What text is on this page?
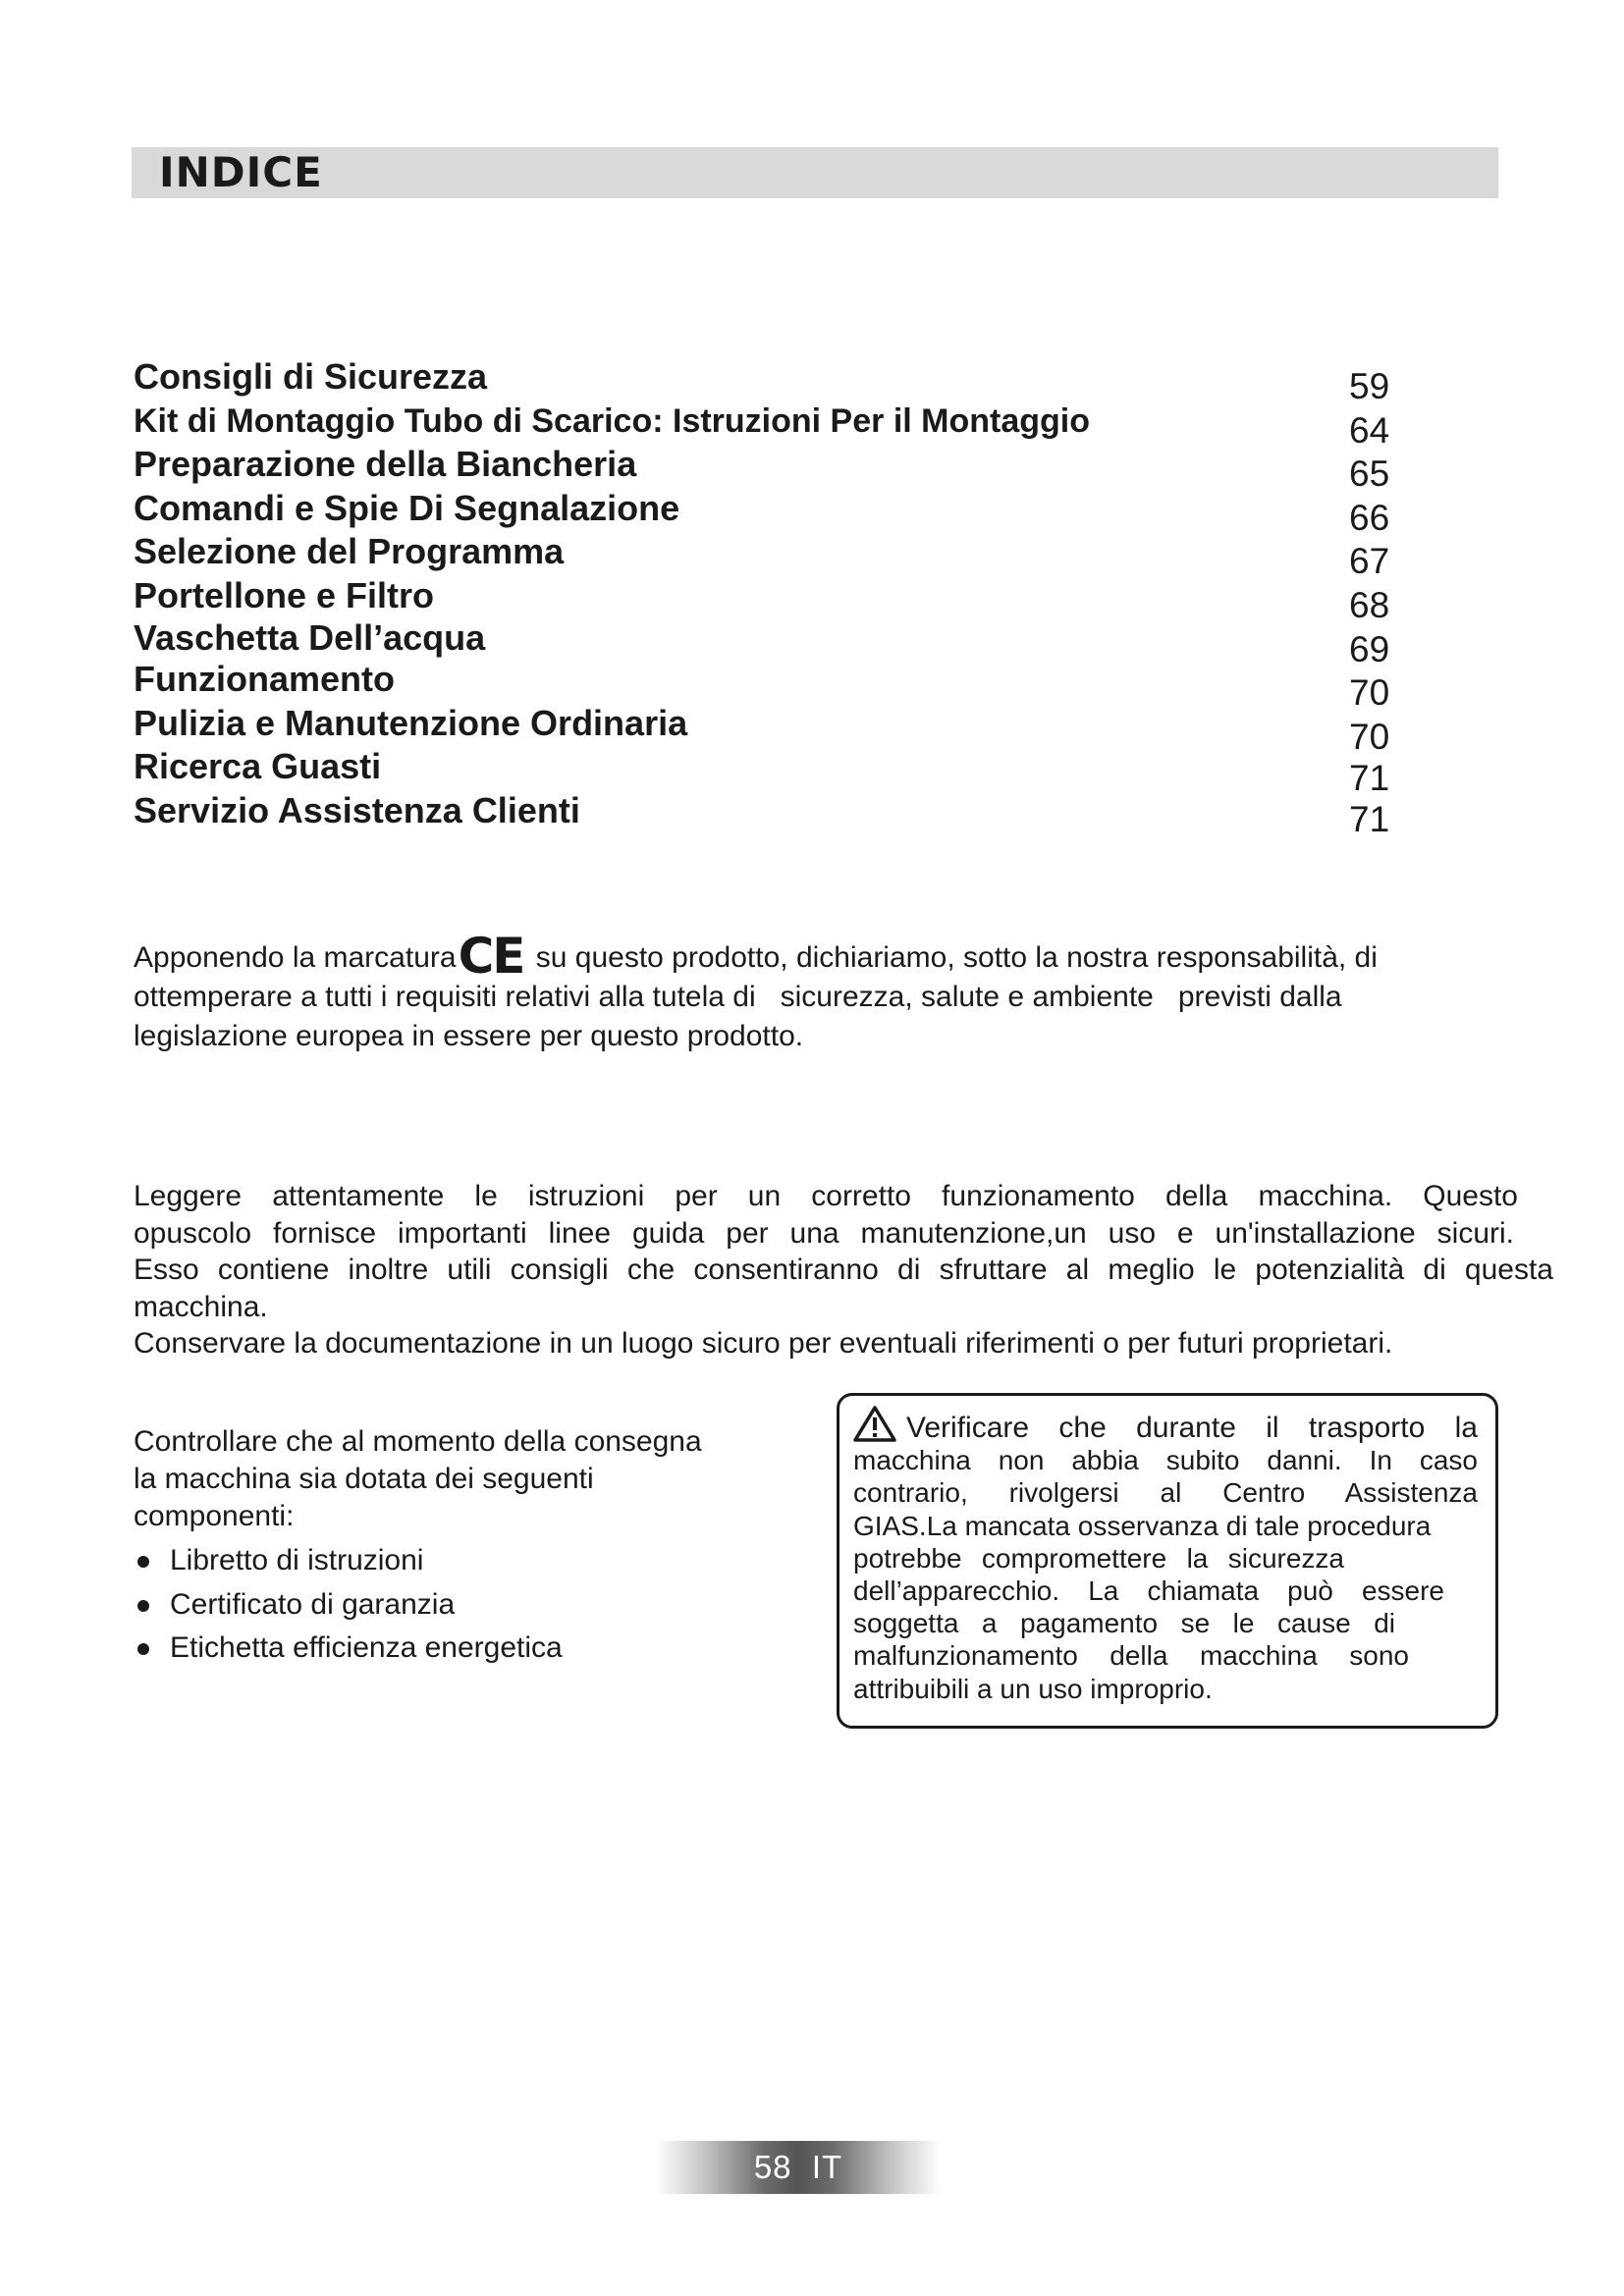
INDICE
Consigli di Sicurezza
Kit di Montaggio Tubo di Scarico: Istruzioni Per il Montaggio
Preparazione della Biancheria
Comandi e Spie Di Segnalazione
Selezione del Programma
Portellone e Filtro
Vaschetta Dell’acqua
Funzionamento
Pulizia e Manutenzione Ordinaria
Ricerca Guasti
Servizio Assistenza Clienti
59
64
65
66
67
68
69
70
70
71
71
Apponendo la marcaturaCE su questo prodotto, dichiariamo, sotto la nostra responsabilità, di
ottemperare a tutti i requisiti relativi alla tutela di   sicurezza, salute e ambiente   previsti dalla
legislazione europea in essere per questo prodotto.
Leggere attentamente le istruzioni per un corretto funzionamento della macchina. Questo
opuscolo fornisce importanti linee guida per una manutenzione,un uso e un'installazione sicuri.
Esso contiene inoltre utili consigli che consentiranno di sfruttare al meglio le potenzialità di questa
macchina.
Conservare la documentazione in un luogo sicuro per eventuali riferimenti o per futuri proprietari.
Controllare che al momento della consegna
la macchina sia dotata dei seguenti
componenti:
Libretto di istruzioni
Certificato di garanzia
Etichetta efficienza energetica
Verificare che durante il trasporto la
macchina non abbia subito danni. In caso
contrario, rivolgersi al Centro Assistenza
GIAS.La mancata osservanza di tale procedura
potrebbe compromettere la sicurezza
dell’apparecchio. La chiamata può essere
soggetta a pagamento se le cause di
malfunzionamento della macchina sono
attribuibili a un uso improprio.
58  IT
